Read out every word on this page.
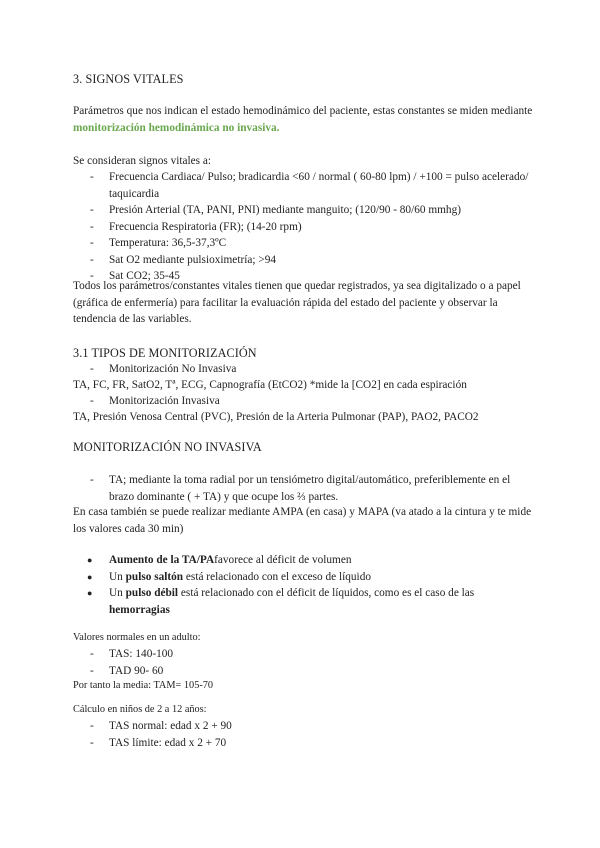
3. SIGNOS VITALES

Parámetros que nos indican el estado hemodinámico del paciente, estas constantes se miden mediante monitorización hemodinámica no invasiva.

Se consideran signos vitales a:

- Frecuencia Cardiaca/ Pulso; bradicardia <60 / normal ( 60-80 lpm) / +100 = pulso acelerado/ taquicardia
- Presión Arterial (TA, PANI, PNI) mediante manguito; (120/90 - 80/60 mmhg)
- Frecuencia Respiratoria (FR); (14-20 rpm)
- Temperatura: 36,5-37,3ºC
- Sat O2 mediante pulsioximetría; >94
- Sat CO2; 35-45

Todos los parámetros/constantes vitales tienen que quedar registrados, ya sea digitalizado o a papel (gráfica de enfermería) para facilitar la evaluación rápida del estado del paciente y observar la tendencia de las variables.

3.1 TIPOS DE MONITORIZACIÓN

- Monitorización No Invasiva

TA, FC, FR, SatO2, Tª, ECG, Capnografía (EtCO2) *mide la [CO2] en cada espiración

- Monitorización Invasiva

TA, Presión Venosa Central (PVC), Presión de la Arteria Pulmonar (PAP), PAO2, PACO2

MONITORIZACIÓN NO INVASIVA

- TA; mediante la toma radial por un tensiómetro digital/automático, preferiblemente en el brazo dominante ( + TA) y que ocupe los ⅔ partes.

En casa también se puede realizar mediante AMPA (en casa) y MAPA (va atado a la cintura y te mide los valores cada 30 min)

● Aumento de la TA/PAfavorece al déficit de volumen
● Un pulso saltón está relacionado con el exceso de líquido
● Un pulso débil está relacionado con el déficit de líquidos, como es el caso de las hemorragias

Valores normales en un adulto:

- TAS: 140-100
- TAD 90- 60

Por tanto la media: TAM= 105-70

Cálculo en niños de 2 a 12 años:

- TAS normal: edad x 2 + 90
- TAS límite: edad x 2 + 70
